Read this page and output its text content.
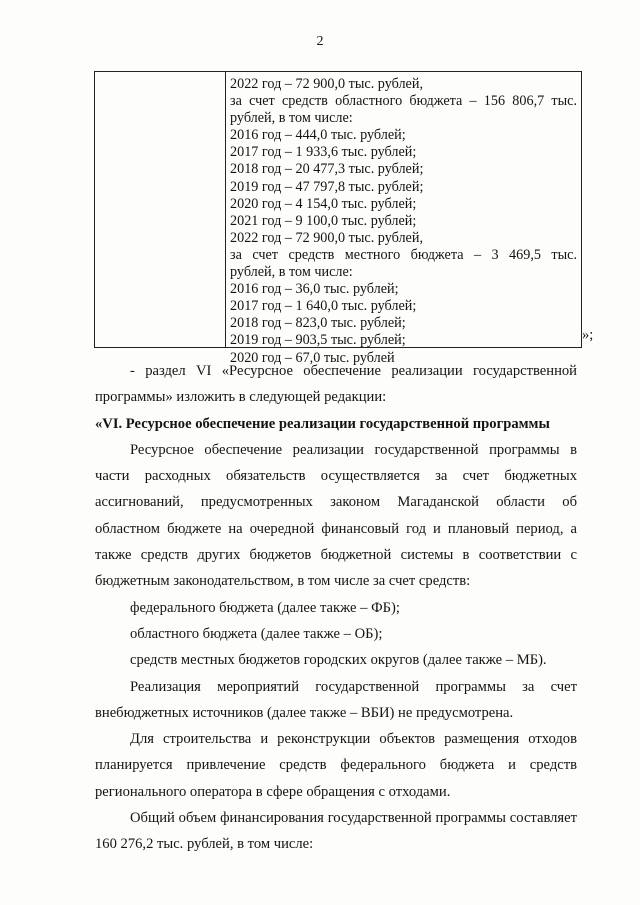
2
2022 год – 72 900,0 тыс. рублей,
за счет средств областного бюджета – 156 806,7 тыс.
рублей, в том числе:
2016 год – 444,0 тыс. рублей;
2017 год – 1 933,6 тыс. рублей;
2018 год – 20 477,3 тыс. рублей;
2019 год – 47 797,8 тыс. рублей;
2020 год – 4 154,0 тыс. рублей;
2021 год – 9 100,0 тыс. рублей;
2022 год – 72 900,0 тыс. рублей,
за счет средств местного бюджета – 3 469,5 тыс.
рублей, в том числе:
2016 год – 36,0 тыс. рублей;
2017 год – 1 640,0 тыс. рублей;
2018 год – 823,0 тыс. рублей;
2019 год – 903,5 тыс. рублей;
2020 год – 67,0 тыс. рублей
»;

- раздел VI «Ресурсное обеспечение реализации государственной программы» изложить в следующей редакции:

«VI. Ресурсное обеспечение реализации государственной программы

Ресурсное обеспечение реализации государственной программы в части расходных обязательств осуществляется за счет бюджетных ассигнований, предусмотренных законом Магаданской области об областном бюджете на очередной финансовый год и плановый период, а также средств других бюджетов бюджетной системы в соответствии с бюджетным законодательством, в том числе за счет средств:

федерального бюджета (далее также – ФБ);

областного бюджета (далее также – ОБ);

средств местных бюджетов городских округов (далее также – МБ).

Реализация мероприятий государственной программы за счет внебюджетных источников (далее также – ВБИ) не предусмотрена.

Для строительства и реконструкции объектов размещения отходов планируется привлечение средств федерального бюджета и средств регионального оператора в сфере обращения с отходами.

Общий объем финансирования государственной программы составляет 160 276,2 тыс. рублей, в том числе:
